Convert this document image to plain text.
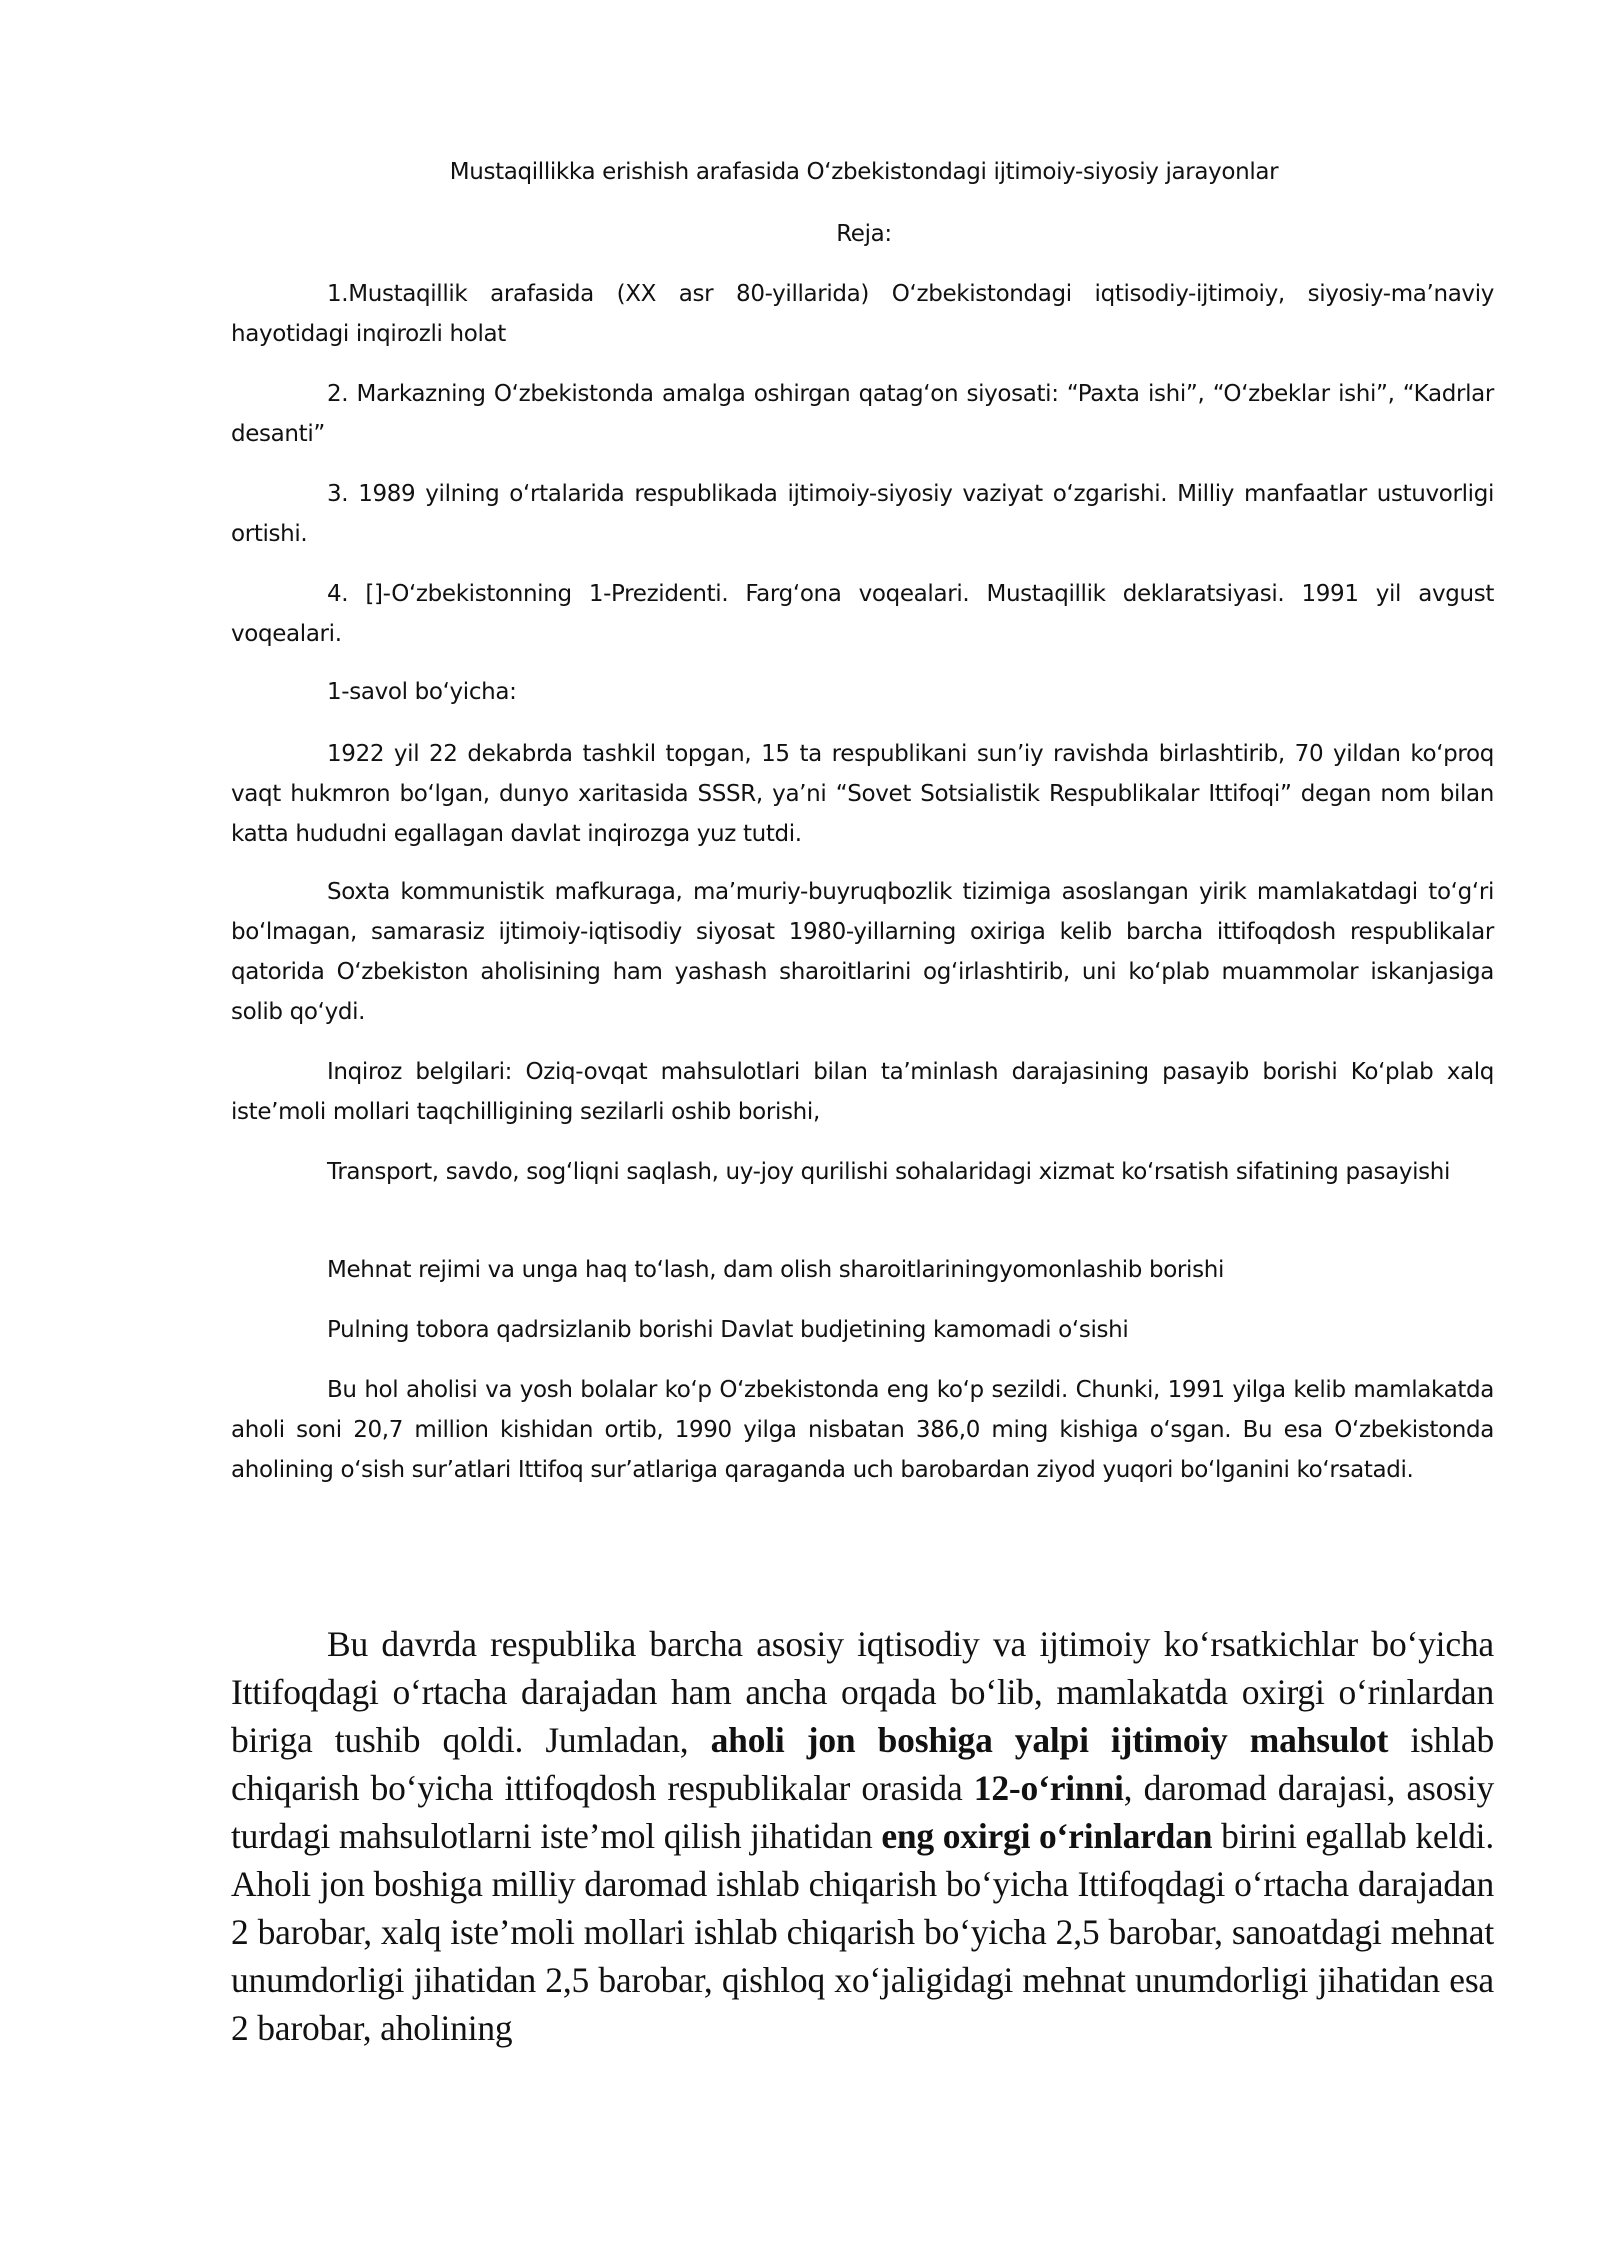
Mustaqillikka erishish arafasida O‘zbekistondagi ijtimoiy-siyosiy jarayonlar
Reja:

1.Mustaqillik arafasida (XX asr 80-yillarida) O‘zbekistondagi iqtisodiy-ijtimoiy, siyosiy-ma’naviy hayotidagi inqirozli holat

2. Markazning O‘zbekistonda amalga oshirgan qatag‘on siyosati: “Paxta ishi”, “O‘zbeklar ishi”, “Kadrlar desanti”

3. 1989 yilning o‘rtalarida respublikada ijtimoiy-siyosiy vaziyat o‘zgarishi. Milliy manfaatlar ustuvorligi ortishi.

4. []-O‘zbekistonning 1-Prezidenti. Farg‘ona voqealari. Mustaqillik deklaratsiyasi. 1991 yil avgust voqealari.

1-savol bo‘yicha:

1922 yil 22 dekabrda tashkil topgan, 15 ta respublikani sun’iy ravishda birlashtirib, 70 yildan ko‘proq vaqt hukmron bo‘lgan, dunyo xaritasida SSSR, ya’ni “Sovet Sotsialistik Respublikalar Ittifoqi” degan nom bilan katta hududni egallagan davlat inqirozga yuz tutdi.

Soxta kommunistik mafkuraga, ma’muriy-buyruqbozlik tizimiga asoslangan yirik mamlakatdagi to‘g‘ri bo‘lmagan, samarasiz ijtimoiy-iqtisodiy siyosat 1980-yillarning oxiriga kelib barcha ittifoqdosh respublikalar qatorida O‘zbekiston aholisining ham yashash sharoitlarini og‘irlashtirib, uni ko‘plab muammolar iskanjasiga solib qo‘ydi.

Inqiroz belgilari: Oziq-ovqat mahsulotlari bilan ta’minlash darajasining pasayib borishi Ko‘plab xalq iste’moli mollari taqchilligining sezilarli oshib borishi,

Transport, savdo, sog‘liqni saqlash, uy-joy qurilishi sohalaridagi xizmat ko‘rsatish sifatining pasayishi

Mehnat rejimi va unga haq to‘lash, dam olish sharoitlariningyomonlashib borishi

Pulning tobora qadrsizlanib borishi Davlat budjetining kamomadi o‘sishi

Bu hol aholisi va yosh bolalar ko‘p O‘zbekistonda eng ko‘p sezildi. Chunki, 1991 yilga kelib mamlakatda aholi soni 20,7 million kishidan ortib, 1990 yilga nisbatan 386,0 ming kishiga o‘sgan. Bu esa O‘zbekistonda aholining o‘sish sur’atlari Ittifoq sur’atlariga qaraganda uch barobardan ziyod yuqori bo‘lganini ko‘rsatadi.

Bu davrda respublika barcha asosiy iqtisodiy va ijtimoiy ko‘rsatkichlar bo‘yicha Ittifoqdagi o‘rtacha darajadan ham ancha orqada bo‘lib, mamlakatda oxirgi o‘rinlardan biriga tushib qoldi. Jumladan, aholi jon boshiga yalpi ijtimoiy mahsulot ishlab chiqarish bo‘yicha ittifoqdosh respublikalar orasida 12-o‘rinni, daromad darajasi, asosiy turdagi mahsulotlarni iste’mol qilish jihatidan eng oxirgi o‘rinlardan birini egallab keldi. Aholi jon boshiga milliy daromad ishlab chiqarish bo‘yicha Ittifoqdagi o‘rtacha darajadan 2 barobar, xalq iste’moli mollari ishlab chiqarish bo‘yicha 2,5 barobar, sanoatdagi mehnat unumdorligi jihatidan 2,5 barobar, qishloq xo‘jaligidagi mehnat unumdorligi jihatidan esa 2 barobar, aholining
